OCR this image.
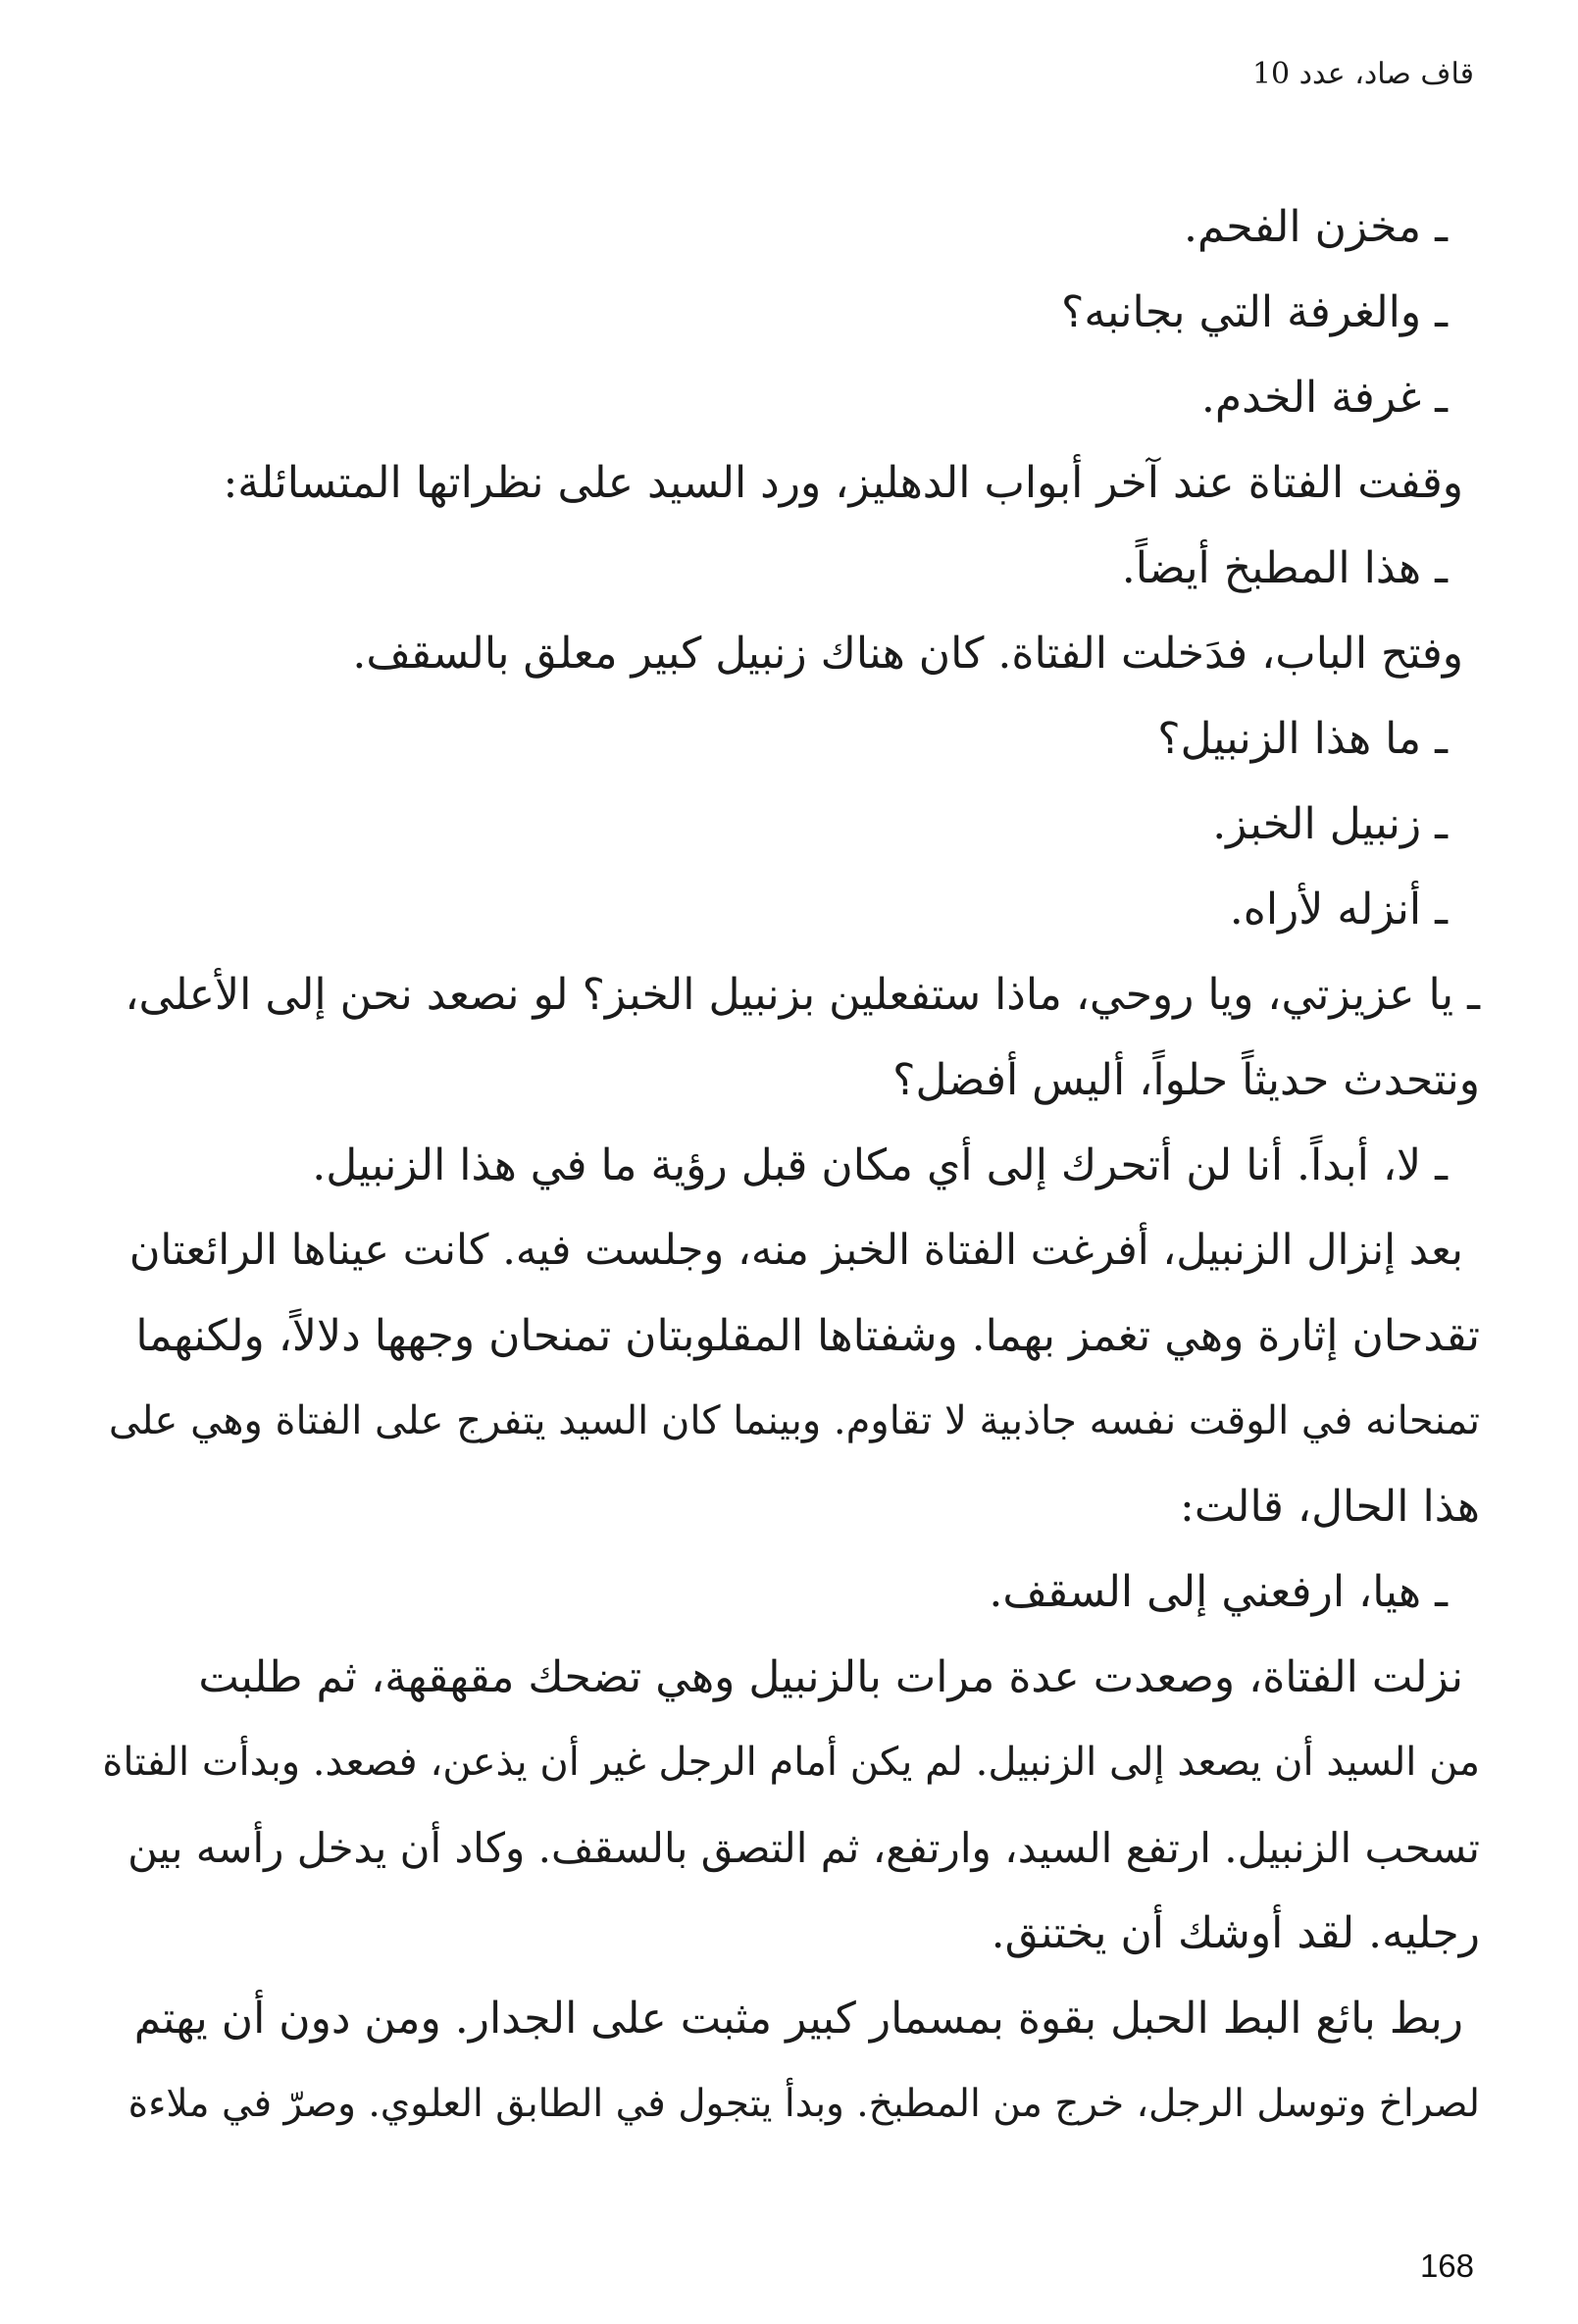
قاف صاد، عدد 10
ـ مخزن الفحم.
ـ والغرفة التي بجانبه؟
ـ غرفة الخدم.
وقفت الفتاة عند آخر أبواب الدهليز، ورد السيد على نظراتها المتسائلة:
ـ هذا المطبخ أيضاً.
وفتح الباب، فدَخلت الفتاة. كان هناك زنبيل كبير معلق بالسقف.
ـ ما هذا الزنبيل؟
ـ زنبيل الخبز.
ـ أنزله لأراه.
ـ يا عزيزتي، ويا روحي، ماذا ستفعلين بزنبيل الخبز؟ لو نصعد نحن إلى الأعلى،
ونتحدث حديثاً حلواً، أليس أفضل؟
ـ لا، أبداً. أنا لن أتحرك إلى أي مكان قبل رؤية ما في هذا الزنبيل.
بعد إنزال الزنبيل، أفرغت الفتاة الخبز منه، وجلست فيه. كانت عيناها الرائعتان
تقدحان إثارة وهي تغمز بهما. وشفتاها المقلوبتان تمنحان وجهها دلالاً، ولكنهما
تمنحانه في الوقت نفسه جاذبية لا تقاوم. وبينما كان السيد يتفرج على الفتاة وهي على
هذا الحال، قالت:
ـ هيا، ارفعني إلى السقف.
نزلت الفتاة، وصعدت عدة مرات بالزنبيل وهي تضحك مقهقهة، ثم طلبت
من السيد أن يصعد إلى الزنبيل. لم يكن أمام الرجل غير أن يذعن، فصعد. وبدأت الفتاة
تسحب الزنبيل. ارتفع السيد، وارتفع، ثم التصق بالسقف. وكاد أن يدخل رأسه بين
رجليه. لقد أوشك أن يختنق.
ربط بائع البط الحبل بقوة بمسمار كبير مثبت على الجدار. ومن دون أن يهتم
لصراخ وتوسل الرجل، خرج من المطبخ. وبدأ يتجول في الطابق العلوي. وصرّ في ملاءة
168
